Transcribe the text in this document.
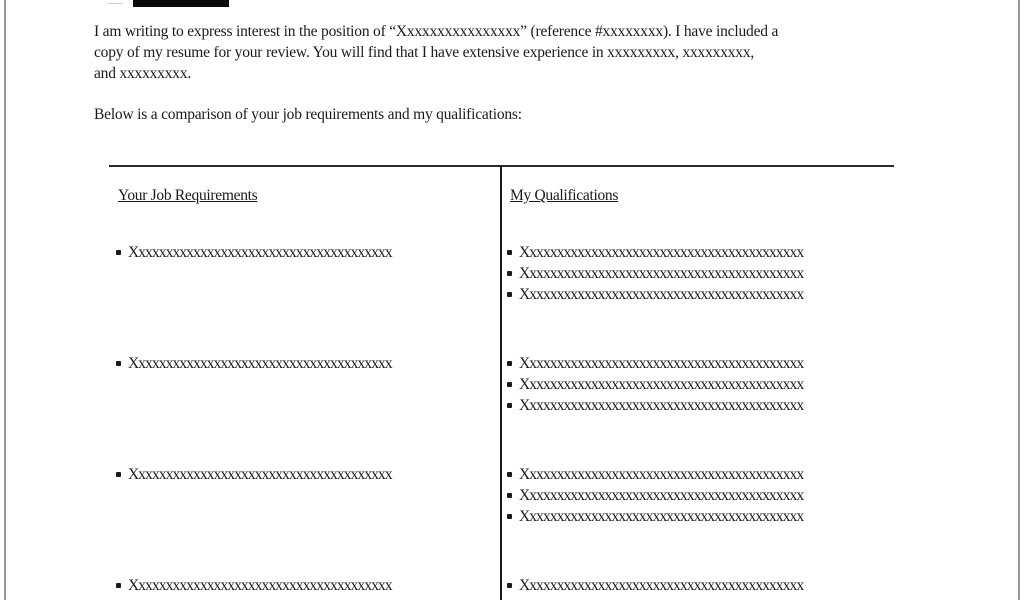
I am writing to express interest in the position of “Xxxxxxxxxxxxxxxx” (reference #xxxxxxxx). I have included a
copy of my resume for your review. You will find that I have extensive experience in xxxxxxxxx, xxxxxxxxx,
and xxxxxxxxx.

Below is a comparison of your job requirements and my qualifications:

Your Job Requirements	My Qualifications
Xxxxxxxxxxxxxxxxxxxxxxxxxxxxxxxxxxxxxx	Xxxxxxxxxxxxxxxxxxxxxxxxxxxxxxxxxxxxxxxxx
Xxxxxxxxxxxxxxxxxxxxxxxxxxxxxxxxxxxxxxxxx
Xxxxxxxxxxxxxxxxxxxxxxxxxxxxxxxxxxxxxxxxx
Xxxxxxxxxxxxxxxxxxxxxxxxxxxxxxxxxxxxxx	Xxxxxxxxxxxxxxxxxxxxxxxxxxxxxxxxxxxxxxxxx
Xxxxxxxxxxxxxxxxxxxxxxxxxxxxxxxxxxxxxxxxx
Xxxxxxxxxxxxxxxxxxxxxxxxxxxxxxxxxxxxxxxxx
Xxxxxxxxxxxxxxxxxxxxxxxxxxxxxxxxxxxxxx	Xxxxxxxxxxxxxxxxxxxxxxxxxxxxxxxxxxxxxxxxx
Xxxxxxxxxxxxxxxxxxxxxxxxxxxxxxxxxxxxxxxxx
Xxxxxxxxxxxxxxxxxxxxxxxxxxxxxxxxxxxxxxxxx
Xxxxxxxxxxxxxxxxxxxxxxxxxxxxxxxxxxxxxx	Xxxxxxxxxxxxxxxxxxxxxxxxxxxxxxxxxxxxxxxxx
